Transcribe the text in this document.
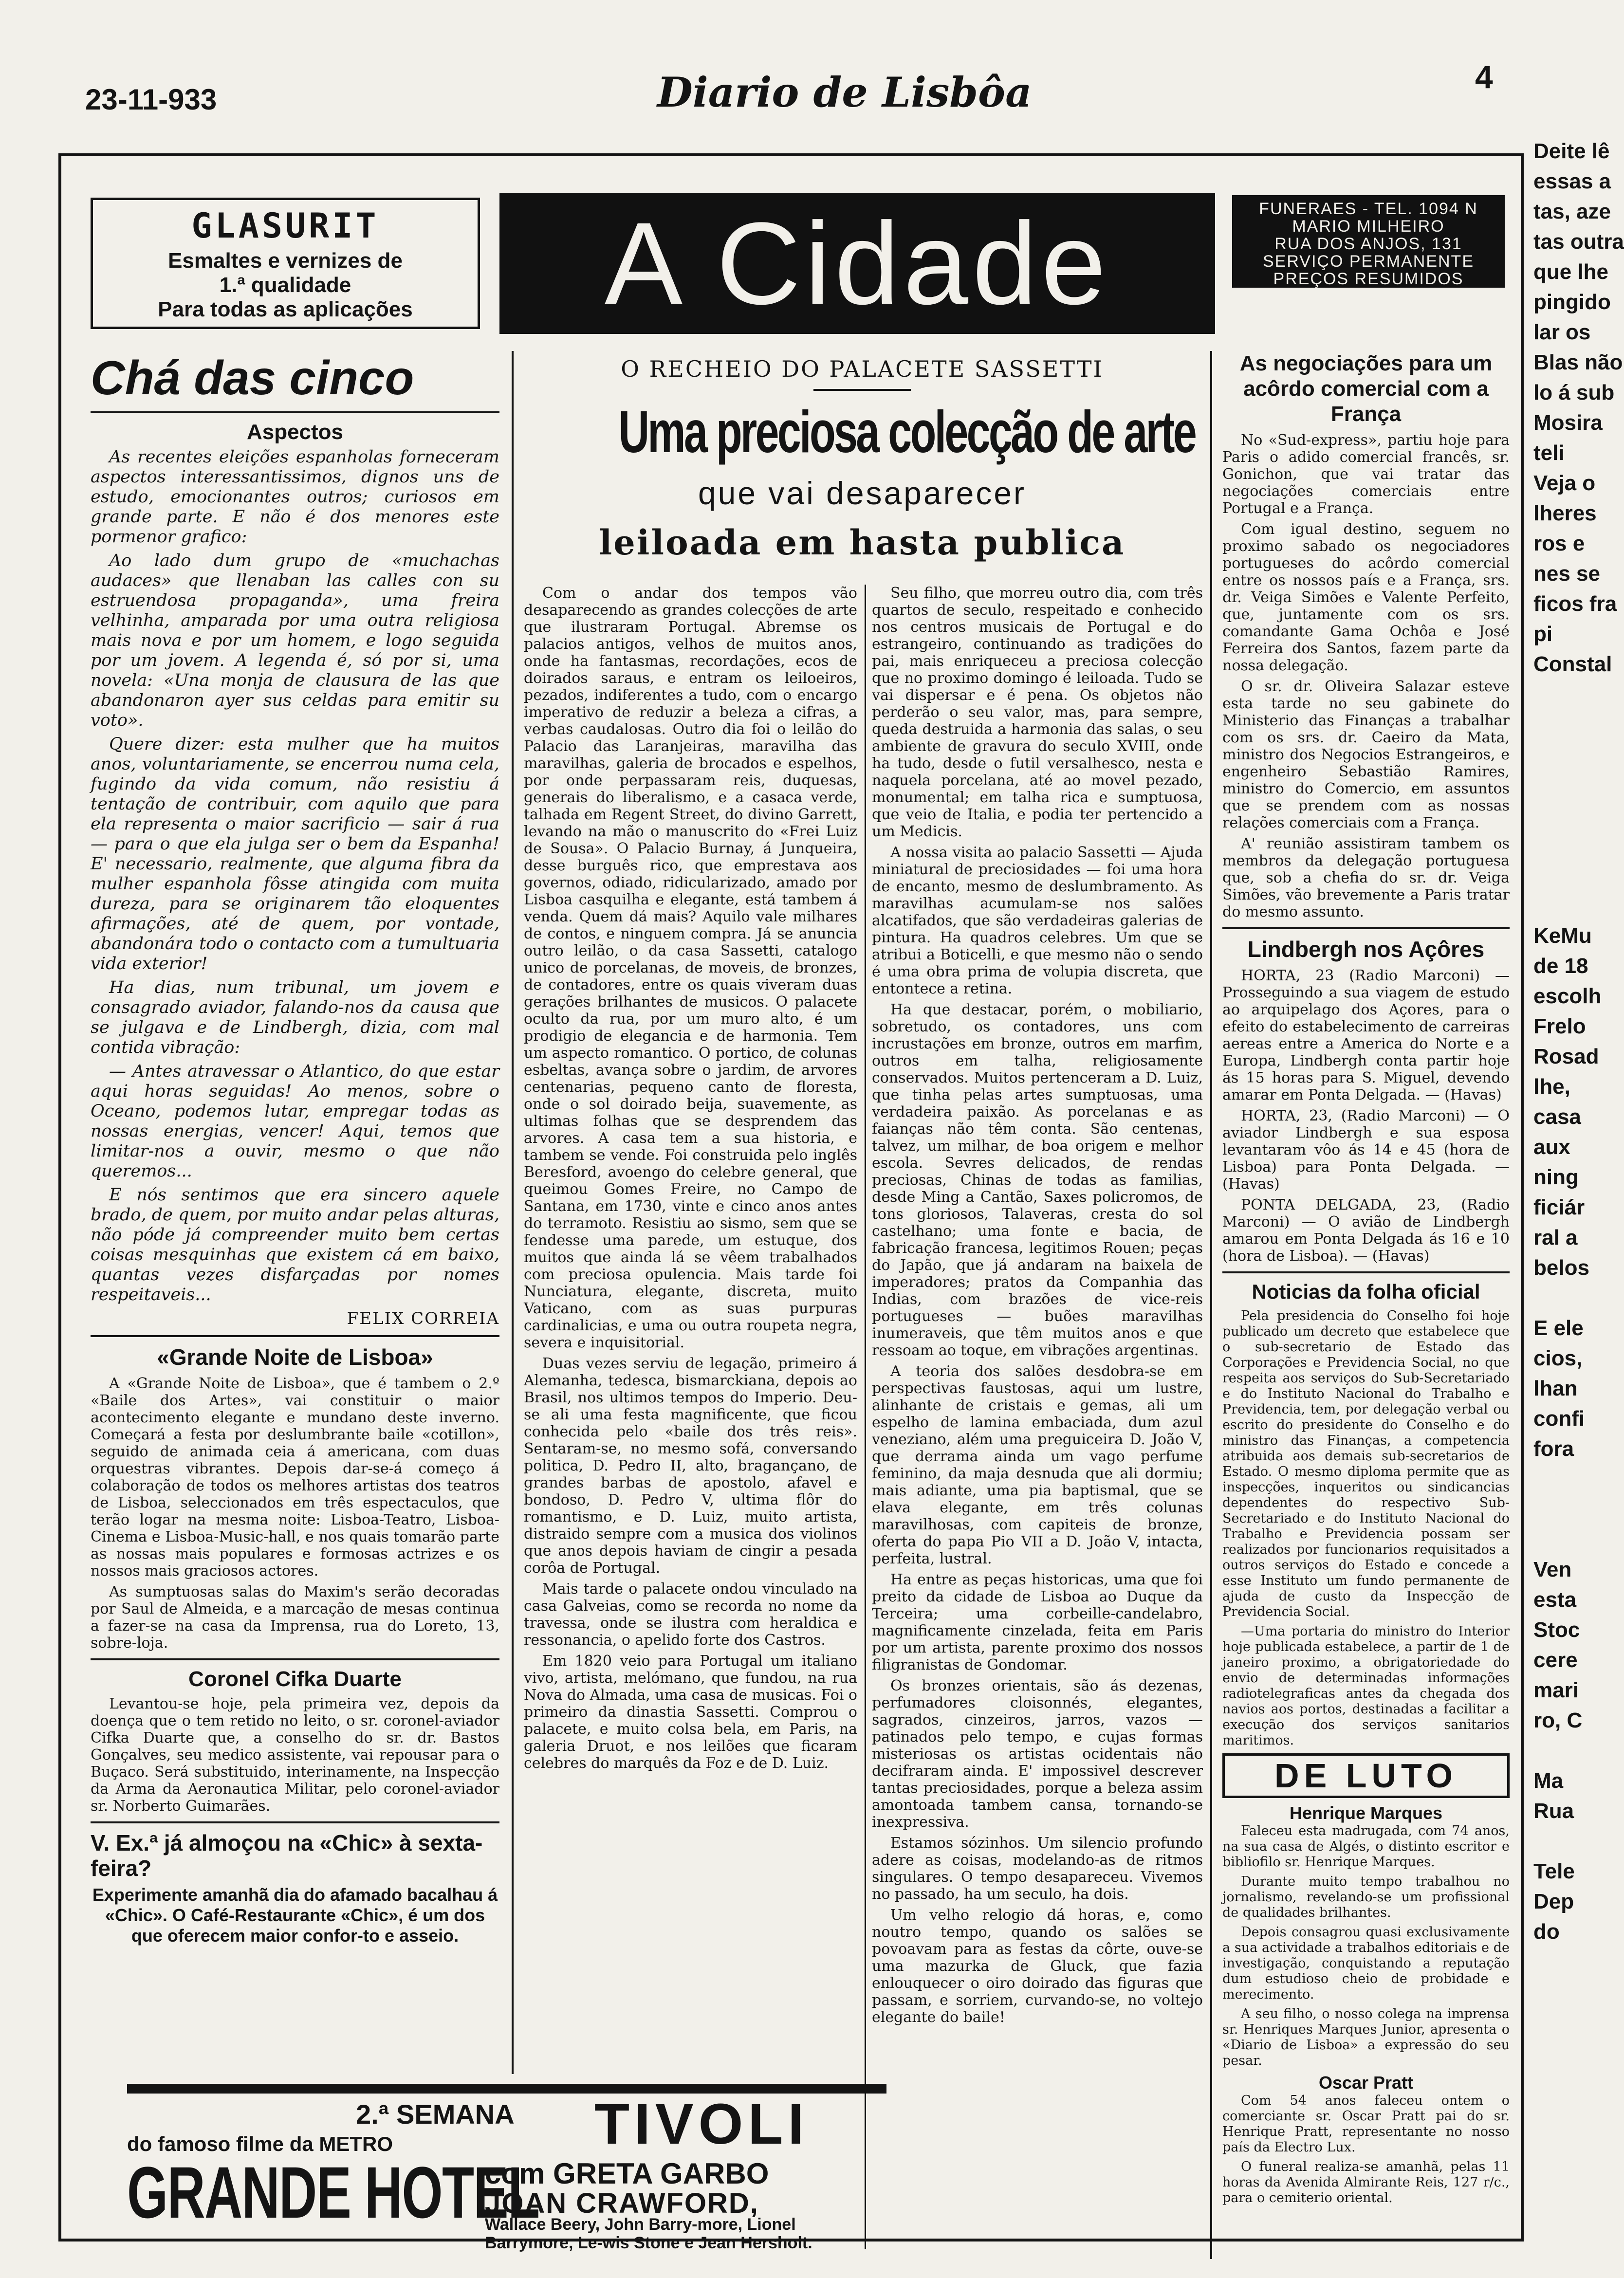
23-11-933	Diario de Lisbôa	4
GLASURIT
Esmaltes e vernizes de
1.ª qualidade
Para todas as aplicações	A Cidade	FUNERAES - TEL. 1094 N
MARIO MILHEIRO
RUA DOS ANJOS, 131
SERVIÇO PERMANENTE
PREÇOS RESUMIDOS
Chá das cinco
Aspectos

As recentes eleições espanholas forneceram aspectos interessantissimos, dignos uns de estudo, emocionantes outros; curiosos em grande parte. E não é dos menores este pormenor grafico:

Ao lado dum grupo de «muchachas audaces» que llenaban las calles con su estruendosa propaganda», uma freira velhinha, amparada por uma outra religiosa mais nova e por um homem, e logo seguida por um jovem. A legenda é, só por si, uma novela: «Una monja de clausura de las que abandonaron ayer sus celdas para emitir su voto».

Quere dizer: esta mulher que ha muitos anos, voluntariamente, se encerrou numa cela, fugindo da vida comum, não resistiu á tentação de contribuir, com aquilo que para ela representa o maior sacrificio — sair á rua — para o que ela julga ser o bem da Espanha! E' necessario, realmente, que alguma fibra da mulher espanhola fôsse atingida com muita dureza, para se originarem tão eloquentes afirmações, até de quem, por vontade, abandonára todo o contacto com a tumultuaria vida exterior!

Ha dias, num tribunal, um jovem e consagrado aviador, falando-nos da causa que se julgava e de Lindbergh, dizia, com mal contida vibração:

— Antes atravessar o Atlantico, do que estar aqui horas seguidas! Ao menos, sobre o Oceano, podemos lutar, empregar todas as nossas energias, vencer! Aqui, temos que limitar-nos a ouvir, mesmo o que não queremos...

E nós sentimos que era sincero aquele brado, de quem, por muito andar pelas alturas, não póde já compreender muito bem certas coisas mesquinhas que existem cá em baixo, quantas vezes disfarçadas por nomes respeitaveis...

FELIX CORREIA
«Grande Noite de Lisboa»

A «Grande Noite de Lisboa», que é tambem o 2.º «Baile dos Artes», vai constituir o maior acontecimento elegante e mundano deste inverno. Começará a festa por deslumbrante baile «cotillon», seguido de animada ceia á americana, com duas orquestras vibrantes. Depois dar-se-á começo á colaboração de todos os melhores artistas dos teatros de Lisboa, seleccionados em três espectaculos, que terão logar na mesma noite: Lisboa-Teatro, Lisboa-Cinema e Lisboa-Music-hall, e nos quais tomarão parte as nossas mais populares e formosas actrizes e os nossos mais graciosos actores.

As sumptuosas salas do Maxim's serão decoradas por Saul de Almeida, e a marcação de mesas continua a fazer-se na casa da Imprensa, rua do Loreto, 13, sobre-loja.

Coronel Cifka Duarte

Levantou-se hoje, pela primeira vez, depois da doença que o tem retido no leito, o sr. coronel-aviador Cifka Duarte que, a conselho do sr. dr. Bastos Gonçalves, seu medico assistente, vai repousar para o Buçaco. Será substituido, interinamente, na Inspecção da Arma da Aeronautica Militar, pelo coronel-aviador sr. Norberto Guimarães.

V. Ex.ª já almoçou na «Chic» à sexta-feira?
Experimente amanhã dia do afamado bacalhau á «Chic». O Café-Restaurante «Chic», é um dos que oferecem maior confor-to e asseio.
O RECHEIO DO PALACETE SASSETTI
Uma preciosa colecção de arte
que vai desaparecer
leiloada em hasta publica

Com o andar dos tempos vão desaparecendo as grandes colecções de arte que ilustraram Portugal. Abremse os palacios antigos, velhos de muitos anos, onde ha fantasmas, recordações, ecos de doirados saraus, e entram os leiloeiros, pezados, indiferentes a tudo, com o encargo imperativo de reduzir a beleza a cifras, a verbas caudalosas. Outro dia foi o leilão do Palacio das Laranjeiras, maravilha das maravilhas, galeria de brocados e espelhos, por onde perpassaram reis, duquesas, generais do liberalismo, e a casaca verde, talhada em Regent Street, do divino Garrett, levando na mão o manuscrito do «Frei Luiz de Sousa». O Palacio Burnay, á Junqueira, desse burguês rico, que emprestava aos governos, odiado, ridicularizado, amado por Lisboa casquilha e elegante, está tambem á venda. Quem dá mais? Aquilo vale milhares de contos, e ninguem compra. Já se anuncia outro leilão, o da casa Sassetti, catalogo unico de porcelanas, de moveis, de bronzes, de contadores, entre os quais viveram duas gerações brilhantes de musicos. O palacete oculto da rua, por um muro alto, é um prodigio de elegancia e de harmonia. Tem um aspecto romantico. O portico, de colunas esbeltas, avança sobre o jardim, de arvores centenarias, pequeno canto de floresta, onde o sol doirado beija, suavemente, as ultimas folhas que se desprendem das arvores. A casa tem a sua historia, e tambem se vende. Foi construida pelo inglês Beresford, avoengo do celebre general, que queimou Gomes Freire, no Campo de Santana, em 1730, vinte e cinco anos antes do terramoto. Resistiu ao sismo, sem que se fendesse uma parede, um estuque, dos muitos que ainda lá se vêem trabalhados com preciosa opulencia. Mais tarde foi Nunciatura, elegante, discreta, muito Vaticano, com as suas purpuras cardinalicias, e uma ou outra roupeta negra, severa e inquisitorial.

Duas vezes serviu de legação, primeiro á Alemanha, tedesca, bismarckiana, depois ao Brasil, nos ultimos tempos do Imperio. Deu-se ali uma festa magnificente, que ficou conhecida pelo «baile dos três reis». Sentaram-se, no mesmo sofá, conversando politica, D. Pedro II, alto, bragançano, de grandes barbas de apostolo, afavel e bondoso, D. Pedro V, ultima flôr do romantismo, e D. Luiz, muito artista, distraido sempre com a musica dos violinos que anos depois haviam de cingir a pesada corôa de Portugal.

Mais tarde o palacete ondou vinculado na casa Galveias, como se recorda no nome da travessa, onde se ilustra com heraldica e ressonancia, o apelido forte dos Castros.

Em 1820 veio para Portugal um italiano vivo, artista, melómano, que fundou, na rua Nova do Almada, uma casa de musicas. Foi o primeiro da dinastia Sassetti. Comprou o palacete, e muito colsa bela, em Paris, na galeria Druot, e nos leilões que ficaram celebres do marquês da Foz e de D. Luiz.

Seu filho, que morreu outro dia, com três quartos de seculo, respeitado e conhecido nos centros musicais de Portugal e do estrangeiro, continuando as tradições do pai, mais enriqueceu a preciosa colecção que no proximo domingo é leiloada. Tudo se vai dispersar e é pena. Os objetos não perderão o seu valor, mas, para sempre, queda destruida a harmonia das salas, o seu ambiente de gravura do seculo XVIII, onde ha tudo, desde o futil versalhesco, nesta e naquela porcelana, até ao movel pezado, monumental; em talha rica e sumptuosa, que veio de Italia, e podia ter pertencido a um Medicis.

A nossa visita ao palacio Sassetti — Ajuda miniatural de preciosidades — foi uma hora de encanto, mesmo de deslumbramento. As maravilhas acumulam-se nos salões alcatifados, que são verdadeiras galerias de pintura. Ha quadros celebres. Um que se atribui a Boticelli, e que mesmo não o sendo é uma obra prima de volupia discreta, que entontece a retina.

Ha que destacar, porém, o mobiliario, sobretudo, os contadores, uns com incrustações em bronze, outros em marfim, outros em talha, religiosamente conservados. Muitos pertenceram a D. Luiz, que tinha pelas artes sumptuosas, uma verdadeira paixão. As porcelanas e as faianças não têm conta. São centenas, talvez, um milhar, de boa origem e melhor escola. Sevres delicados, de rendas preciosas, Chinas de todas as familias, desde Ming a Cantão, Saxes policromos, de tons gloriosos, Talaveras, cresta do sol castelhano; uma fonte e bacia, de fabricação francesa, legitimos Rouen; peças do Japão, que já andaram na baixela de imperadores; pratos da Companhia das Indias, com brazões de vice-reis portugueses — buões maravilhas inumeraveis, que têm muitos anos e que ressoam ao toque, em vibrações argentinas.

A teoria dos salões desdobra-se em perspectivas faustosas, aqui um lustre, alinhante de cristais e gemas, ali um espelho de lamina embaciada, dum azul veneziano, além uma preguiceira D. João V, que derrama ainda um vago perfume feminino, da maja desnuda que ali dormiu; mais adiante, uma pia baptismal, que se elava elegante, em três colunas maravilhosas, com capiteis de bronze, oferta do papa Pio VII a D. João V, intacta, perfeita, lustral.

Ha entre as peças historicas, uma que foi preito da cidade de Lisboa ao Duque da Terceira; uma corbeille-candelabro, magnificamente cinzelada, feita em Paris por um artista, parente proximo dos nossos filigranistas de Gondomar.

Os bronzes orientais, são ás dezenas, perfumadores cloisonnés, elegantes, sagrados, cinzeiros, jarros, vazos — patinados pelo tempo, e cujas formas misteriosas os artistas ocidentais não decifraram ainda. E' impossivel descrever tantas preciosidades, porque a beleza assim amontoada tambem cansa, tornando-se inexpressiva.

Estamos sózinhos. Um silencio profundo adere as coisas, modelando-as de ritmos singulares. O tempo desapareceu. Vivemos no passado, ha um seculo, ha dois.

Um velho relogio dá horas, e, como noutro tempo, quando os salões se povoavam para as festas da côrte, ouve-se uma mazurka de Gluck, que fazia enlouquecer o oiro doirado das figuras que passam, e sorriem, curvando-se, no voltejo elegante do baile!

As negociações para um acôrdo comercial com a França

No «Sud-express», partiu hoje para Paris o adido comercial francês, sr. Gonichon, que vai tratar das negociações comerciais entre Portugal e a França.

Com igual destino, seguem no proximo sabado os negociadores portugueses do acôrdo comercial entre os nossos país e a França, srs. dr. Veiga Simões e Valente Perfeito, que, juntamente com os srs. comandante Gama Ochôa e José Ferreira dos Santos, fazem parte da nossa delegação.

O sr. dr. Oliveira Salazar esteve esta tarde no seu gabinete do Ministerio das Finanças a trabalhar com os srs. dr. Caeiro da Mata, ministro dos Negocios Estrangeiros, e engenheiro Sebastião Ramires, ministro do Comercio, em assuntos que se prendem com as nossas relações comerciais com a França.

A' reunião assistiram tambem os membros da delegação portuguesa que, sob a chefia do sr. dr. Veiga Simões, vão brevemente a Paris tratar do mesmo assunto.

Lindbergh nos Açôres

HORTA, 23 (Radio Marconi) — Prosseguindo a sua viagem de estudo ao arquipelago dos Açores, para o efeito do estabelecimento de carreiras aereas entre a America do Norte e a Europa, Lindbergh conta partir hoje ás 15 horas para S. Miguel, devendo amarar em Ponta Delgada. — (Havas)

HORTA, 23, (Radio Marconi) — O aviador Lindbergh e sua esposa levantaram vôo ás 14 e 45 (hora de Lisboa) para Ponta Delgada. — (Havas)

PONTA DELGADA, 23, (Radio Marconi) — O avião de Lindbergh amarou em Ponta Delgada ás 16 e 10 (hora de Lisboa). — (Havas)

Noticias da folha oficial

Pela presidencia do Conselho foi hoje publicado um decreto que estabelece que o sub-secretario de Estado das Corporações e Previdencia Social, no que respeita aos serviços do Sub-Secretariado e do Instituto Nacional do Trabalho e Previdencia, tem, por delegação verbal ou escrito do presidente do Conselho e do ministro das Finanças, a competencia atribuida aos demais sub-secretarios de Estado. O mesmo diploma permite que as inspecções, inqueritos ou sindicancias dependentes do respectivo Sub-Secretariado e do Instituto Nacional do Trabalho e Previdencia possam ser realizados por funcionarios requisitados a outros serviços do Estado e concede a esse Instituto um fundo permanente de ajuda de custo da Inspecção de Previdencia Social.

—Uma portaria do ministro do Interior hoje publicada estabelece, a partir de 1 de janeiro proximo, a obrigatoriedade do envio de determinadas informações radiotelegraficas antes da chegada dos navios aos portos, destinadas a facilitar a execução dos serviços sanitarios maritimos.

DE LUTO
Henrique Marques

Faleceu esta madrugada, com 74 anos, na sua casa de Algés, o distinto escritor e bibliofilo sr. Henrique Marques.

Durante muito tempo trabalhou no jornalismo, revelando-se um profissional de qualidades brilhantes.

Depois consagrou quasi exclusivamente a sua actividade a trabalhos editoriais e de investigação, conquistando a reputação dum estudioso cheio de probidade e merecimento.

A seu filho, o nosso colega na imprensa sr. Henriques Marques Junior, apresenta o «Diario de Lisboa» a expressão do seu pesar.

Oscar Pratt

Com 54 anos faleceu ontem o comerciante sr. Oscar Pratt pai do sr. Henrique Pratt, representante no nosso país da Electro Lux.

O funeral realiza-se amanhã, pelas 11 horas da Avenida Almirante Reis, 127 r/c., para o cemiterio oriental.

2.ª SEMANA TIVOLI
do famoso filme da METRO
GRANDE HOTEL
com GRETA GARBO
JOAN CRAWFORD,
Wallace Beery, John Barry-more, Lionel Barrymore, Le-wis Stone e Jean Hersholt.
Deite lê
essas a
tas, aze
tas outra
que lhe
pingido
lar os
Blas não
lo á sub
Mosira
teli
Veja o
lheres
ros e
nes se
ficos fra
pi
Constal

KeMu
de 18
escolh
Frelo
Rosad
lhe,
casa
aux
ning
ficiár
ral a
belos

E ele
cios,
lhan
confi
fora

Ven
esta
Stoc
cere
mari
ro, C

Ma
Rua

Tele
Dep
do
